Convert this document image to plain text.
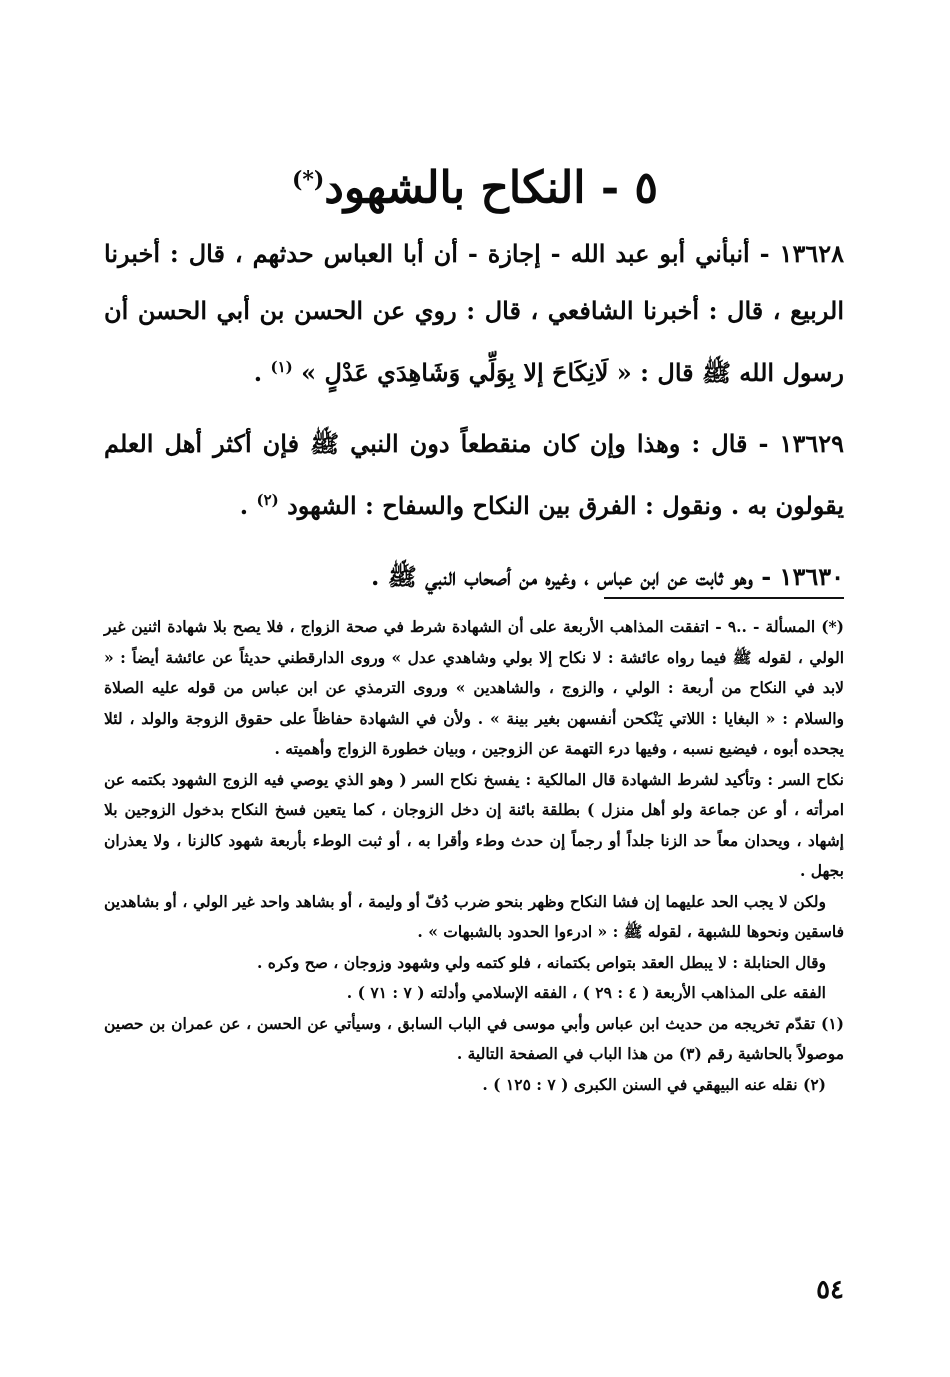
٥ - النكاح بالشهود(*)

١٣٦٢٨ - أنبأني أبو عبد الله - إجازة - أن أبا العباس حدثهم ، قال : أخبرنا الربيع ، قال : أخبرنا الشافعي ، قال : روي عن الحسن بن أبي الحسن أن رسول الله ﷺ قال : « لَانِكَاحَ إلا بِوَلِّي وَشَاهِدَي عَدْلٍ » $^{(١)}$ .

١٣٦٢٩ - قال : وهذا وإن كان منقطعاً دون النبي ﷺ فإن أكثر أهل العلم يقولون به . ونقول : الفرق بين النكاح والسفاح : الشهود $^{(٢)}$ .

١٣٦٣٠ - وهو ثابت عن ابن عباس ، وغيره من أصحاب النبي ﷺ .

(*) المسألة - ..٩ - اتفقت المذاهب الأربعة على أن الشهادة شرط في صحة الزواج ، فلا يصح بلا شهادة اثنين غير الولي ، لقوله ﷺ فيما رواه عائشة : لا نكاح إلا بولي وشاهدي عدل » وروى الدارقطني حديثاً عن عائشة أيضاً : « لابد في النكاح من أربعة : الولي ، والزوج ، والشاهدين » وروى الترمذي عن ابن عباس من قوله عليه الصلاة والسلام : « البغايا : اللاتي يَنْكحن أنفسهن بغير بينة » . ولأن في الشهادة حفاظاً على حقوق الزوجة والولد ، لئلا يجحده أبوه ، فيضيع نسبه ، وفيها درء التهمة عن الزوجين ، وبيان خطورة الزواج وأهميته .

نكاح السر : وتأكيد لشرط الشهادة قال المالكية : يفسخ نكاح السر ( وهو الذي يوصي فيه الزوج الشهود بكتمه عن امرأته ، أو عن جماعة ولو أهل منزل ) بطلقة بائنة إن دخل الزوجان ، كما يتعين فسخ النكاح بدخول الزوجين بلا إشهاد ، ويحدان معاً حد الزنا جلداً أو رجماً إن حدث وطء وأقرا به ، أو ثبت الوطء بأربعة شهود كالزنا ، ولا يعذران بجهل .

ولكن لا يجب الحد عليهما إن فشا النكاح وظهر بنحو ضرب دُفّ أو وليمة ، أو بشاهد واحد غير الولي ، أو بشاهدين فاسقين ونحوها للشبهة ، لقوله ﷺ : « ادرءوا الحدود بالشبهات » .

وقال الحنابلة : لا يبطل العقد بتواص بكتمانه ، فلو كتمه ولي وشهود وزوجان ، صح وكره .

الفقه على المذاهب الأربعة ( ٤ : ٢٩ ) ، الفقه الإسلامي وأدلته ( ٧ : ٧١ ) .

(١) تقدّم تخريجه من حديث ابن عباس وأبي موسى في الباب السابق ، وسيأتي عن الحسن ، عن عمران بن حصين موصولاً بالحاشية رقم (٣) من هذا الباب في الصفحة التالية .

(٢) نقله عنه البيهقي في السنن الكبرى ( ٧ : ١٢٥ ) .

٥٤
